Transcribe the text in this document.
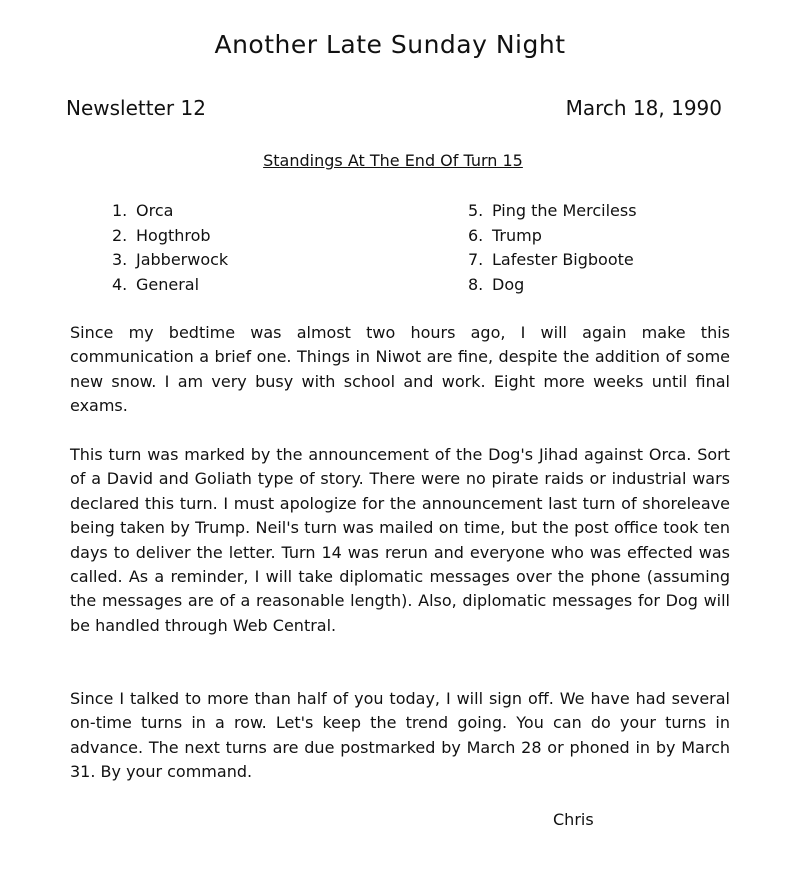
Another Late Sunday Night
Newsletter 12	March 18, 1990
Standings At The End Of Turn 15
1. Orca
2. Hogthrob
3. Jabberwock
4. General
5. Ping the Merciless
6. Trump
7. Lafester Bigboote
8. Dog

Since my bedtime was almost two hours ago, I will again make this communication a brief one. Things in Niwot are fine, despite the addition of some new snow. I am very busy with school and work. Eight more weeks until final exams.

This turn was marked by the announcement of the Dog's Jihad against Orca. Sort of a David and Goliath type of story. There were no pirate raids or industrial wars declared this turn. I must apologize for the announcement last turn of shoreleave being taken by Trump. Neil's turn was mailed on time, but the post office took ten days to deliver the letter. Turn 14 was rerun and everyone who was effected was called. As a reminder, I will take diplomatic messages over the phone (assuming the messages are of a reasonable length). Also, diplomatic messages for Dog will be handled through Web Central.

Since I talked to more than half of you today, I will sign off. We have had several on-time turns in a row. Let's keep the trend going. You can do your turns in advance. The next turns are due postmarked by March 28 or phoned in by March 31. By your command.

Chris
